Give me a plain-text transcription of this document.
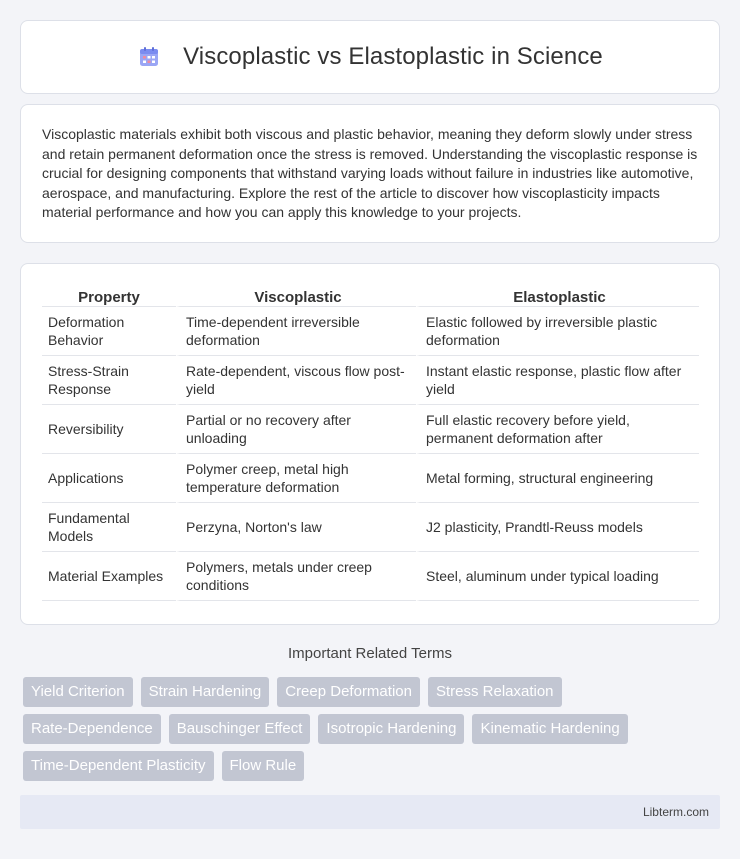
Viscoplastic vs Elastoplastic in Science

Viscoplastic materials exhibit both viscous and plastic behavior, meaning they deform slowly under stress and retain permanent deformation once the stress is removed. Understanding the viscoplastic response is crucial for designing components that withstand varying loads without failure in industries like automotive, aerospace, and manufacturing. Explore the rest of the article to discover how viscoplasticity impacts material performance and how you can apply this knowledge to your projects.

Property	Viscoplastic	Elastoplastic
Deformation Behavior	Time-dependent irreversible deformation	Elastic followed by irreversible plastic deformation
Stress-Strain Response	Rate-dependent, viscous flow post-yield	Instant elastic response, plastic flow after yield
Reversibility	Partial or no recovery after unloading	Full elastic recovery before yield, permanent deformation after
Applications	Polymer creep, metal high temperature deformation	Metal forming, structural engineering
Fundamental Models	Perzyna, Norton's law	J2 plasticity, Prandtl-Reuss models
Material Examples	Polymers, metals under creep conditions	Steel, aluminum under typical loading
Important Related Terms
Yield Criterion	Strain Hardening	Creep Deformation	Stress Relaxation
Rate-Dependence	Bauschinger Effect	Isotropic Hardening	Kinematic Hardening
Time-Dependent Plasticity	Flow Rule
Libterm.com
